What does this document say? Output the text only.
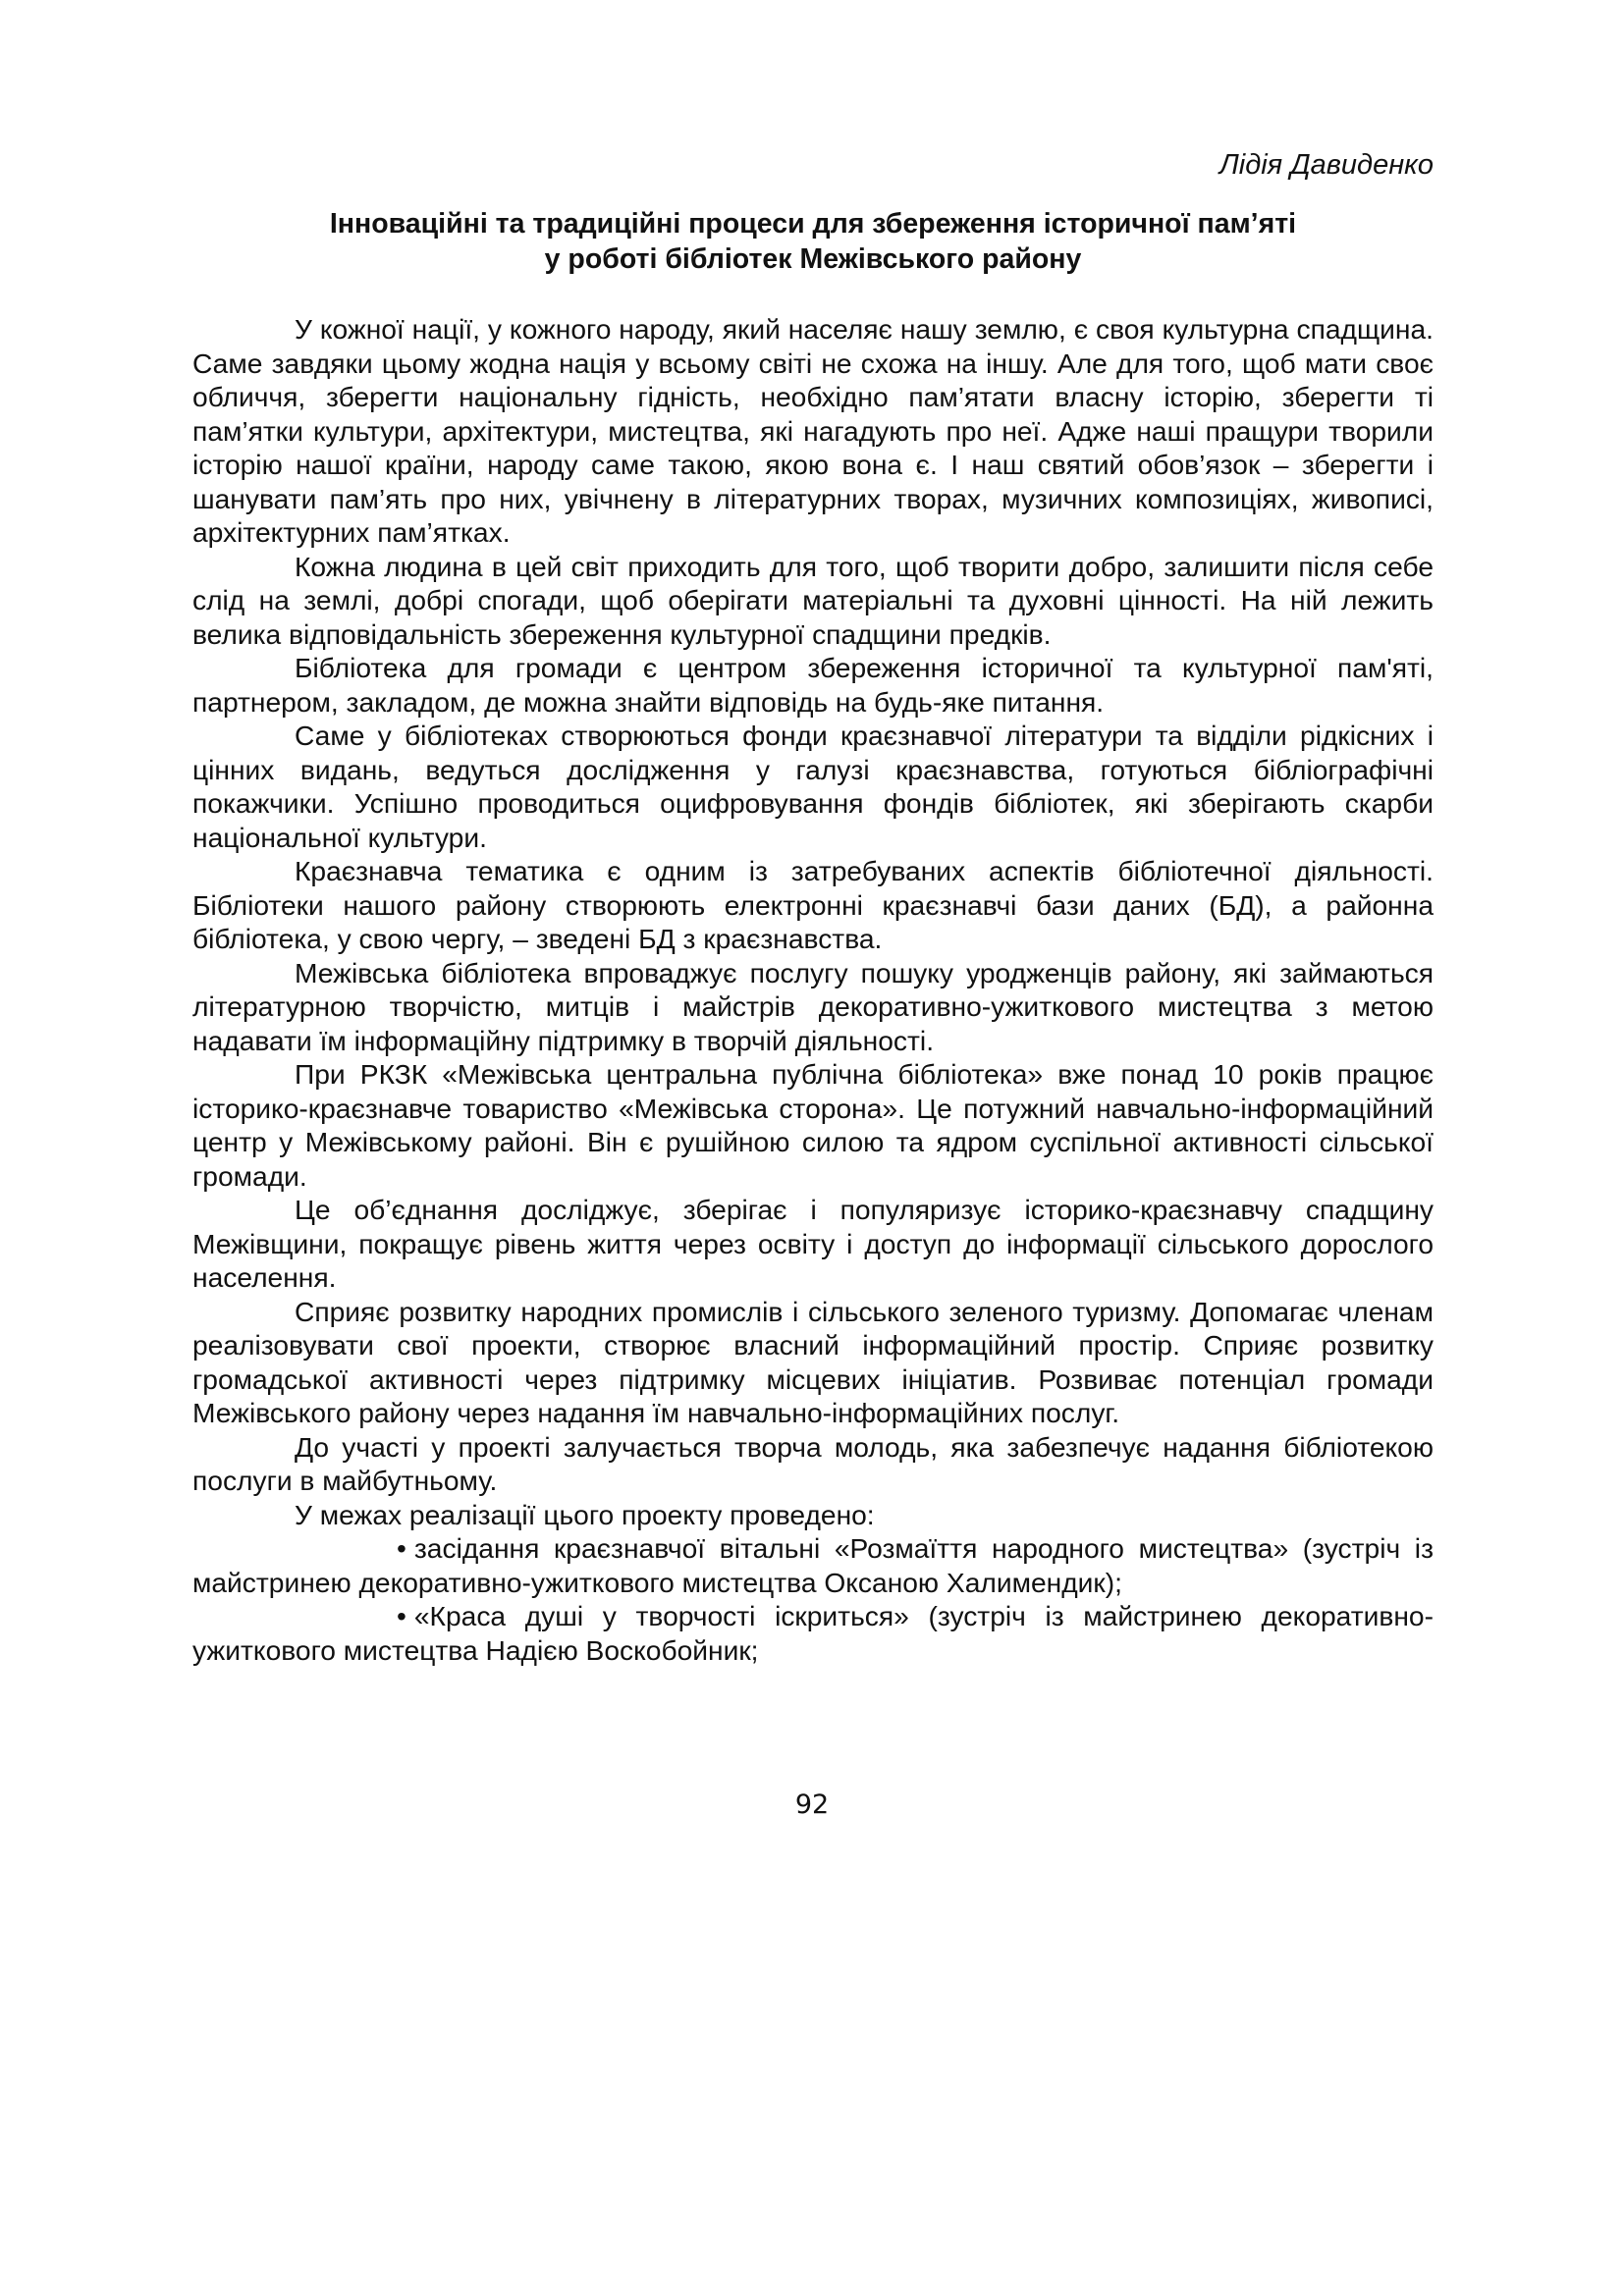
Лідія Давиденко
Інноваційні та традиційні процеси для збереження історичної пам’яті
у роботі бібліотек Межівського району

У кожної нації, у кожного народу, який населяє нашу землю, є своя культурна спадщина. Саме завдяки цьому жодна нація у всьому світі не схожа на іншу. Але для того, щоб мати своє обличчя, зберегти національну гідність, необхідно пам’ятати власну історію, зберегти ті пам’ятки культури, архітектури, мистецтва, які нагадують про неї. Адже наші пращури творили історію нашої країни, народу саме такою, якою вона є. І наш святий обов’язок – зберегти і шанувати пам’ять про них, увічнену в літературних творах, музичних композиціях, живописі, архітектурних пам’ятках.

Кожна людина в цей світ приходить для того, щоб творити добро, залишити після себе слід на землі, добрі спогади, щоб оберігати матеріальні та духовні цінності. На ній лежить велика відповідальність збереження культурної спадщини предків.

Бібліотека для громади є центром збереження історичної та культурної пам'яті, партнером, закладом, де можна знайти відповідь на будь-яке питання.

Саме у бібліотеках створюються фонди краєзнавчої літератури та відділи рідкісних і цінних видань, ведуться дослідження у галузі краєзнавства, готуються бібліографічні покажчики. Успішно проводиться оцифровування фондів бібліотек, які зберігають скарби національної культури.

Краєзнавча тематика є одним із затребуваних аспектів бібліотечної діяльності. Бібліотеки нашого району створюють електронні краєзнавчі бази даних (БД), а районна бібліотека, у свою чергу, – зведені БД з краєзнавства.

Межівська бібліотека впроваджує послугу пошуку уродженців району, які займаються літературною творчістю, митців і майстрів декоративно-ужиткового мистецтва з метою надавати їм інформаційну підтримку в творчій діяльності.

При РКЗК «Межівська центральна публічна бібліотека» вже понад 10 років працює історико-краєзнавче товариство «Межівська сторона». Це потужний навчально-інформаційний центр у Межівському районі. Він є рушійною силою та ядром суспільної активності сільської громади.

Це об’єднання досліджує, зберігає і популяризує історико-краєзнавчу спадщину Межівщини, покращує рівень життя через освіту і доступ до інформації сільського дорослого населення.

Сприяє розвитку народних промислів і сільського зеленого туризму. Допомагає членам реалізовувати свої проекти, створює власний інформаційний простір. Сприяє розвитку громадської активності через підтримку місцевих ініціатив. Розвиває потенціал громади Межівського району через надання їм навчально-інформаційних послуг.

До участі у проекті залучається творча молодь, яка забезпечує надання бібліотекою послуги в майбутньому.

У межах реалізації цього проекту проведено:

• засідання краєзнавчої вітальні «Розмаїття народного мистецтва» (зустріч із майстринею декоративно-ужиткового мистецтва Оксаною Халимендик);

• «Краса душі у творчості іскриться» (зустріч із майстринею декоративно-ужиткового мистецтва Надією Воскобойник;

92
